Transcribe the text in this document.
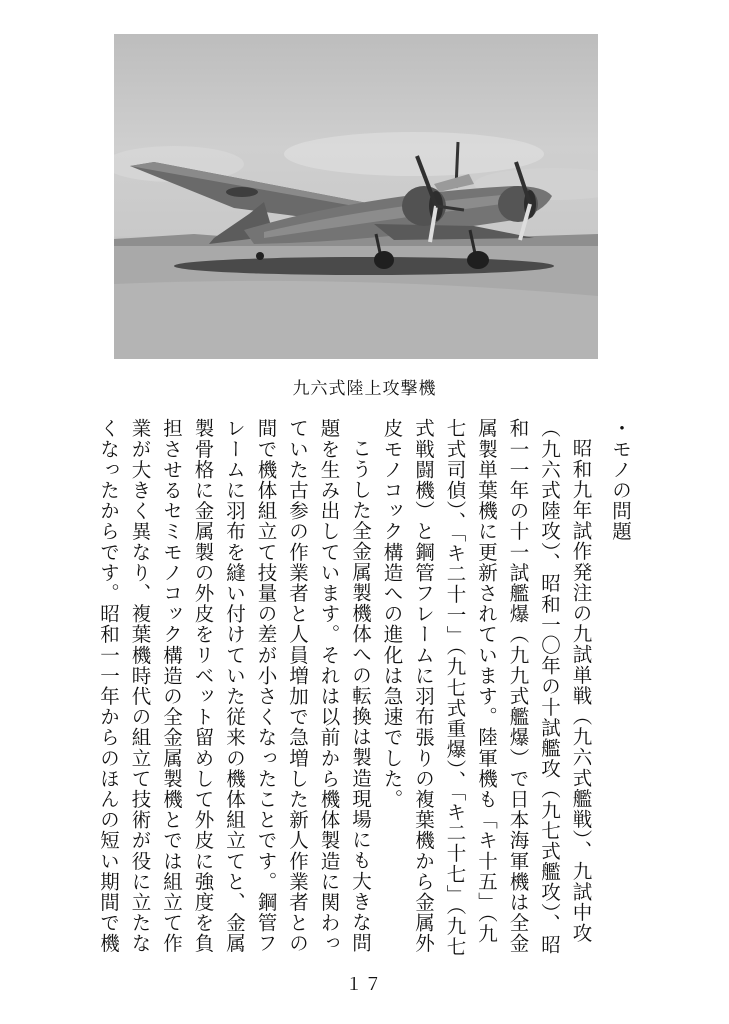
九六式陸上攻撃機
・モノの問題

昭和九年試作発注の九試単戦（九六式艦戦）、九試中攻（九六式陸攻）、昭和一〇年の十試艦攻（九七式艦攻）、昭和一一年の十一試艦爆（九九式艦爆）で日本海軍機は全金属製単葉機に更新されています。陸軍機も「キ十五」（九七式司偵）、「キ二十一」（九七式重爆）、「キ二十七」（九七式戦闘機）と鋼管フレームに羽布張りの複葉機から金属外皮モノコック構造への進化は急速でした。

こうした全金属製機体への転換は製造現場にも大きな問題を生み出しています。それは以前から機体製造に関わっていた古参の作業者と人員増加で急増した新人作業者との間で機体組立て技量の差が小さくなったことです。鋼管フレームに羽布を縫い付けていた従来の機体組立てと、金属製骨格に金属製の外皮をリベット留めして外皮に強度を負担させるセミモノコック構造の全金属製機とでは組立て作業が大きく異なり、複葉機時代の組立て技術が役に立たなくなったからです。昭和一一年からのほんの短い期間で機

１７
